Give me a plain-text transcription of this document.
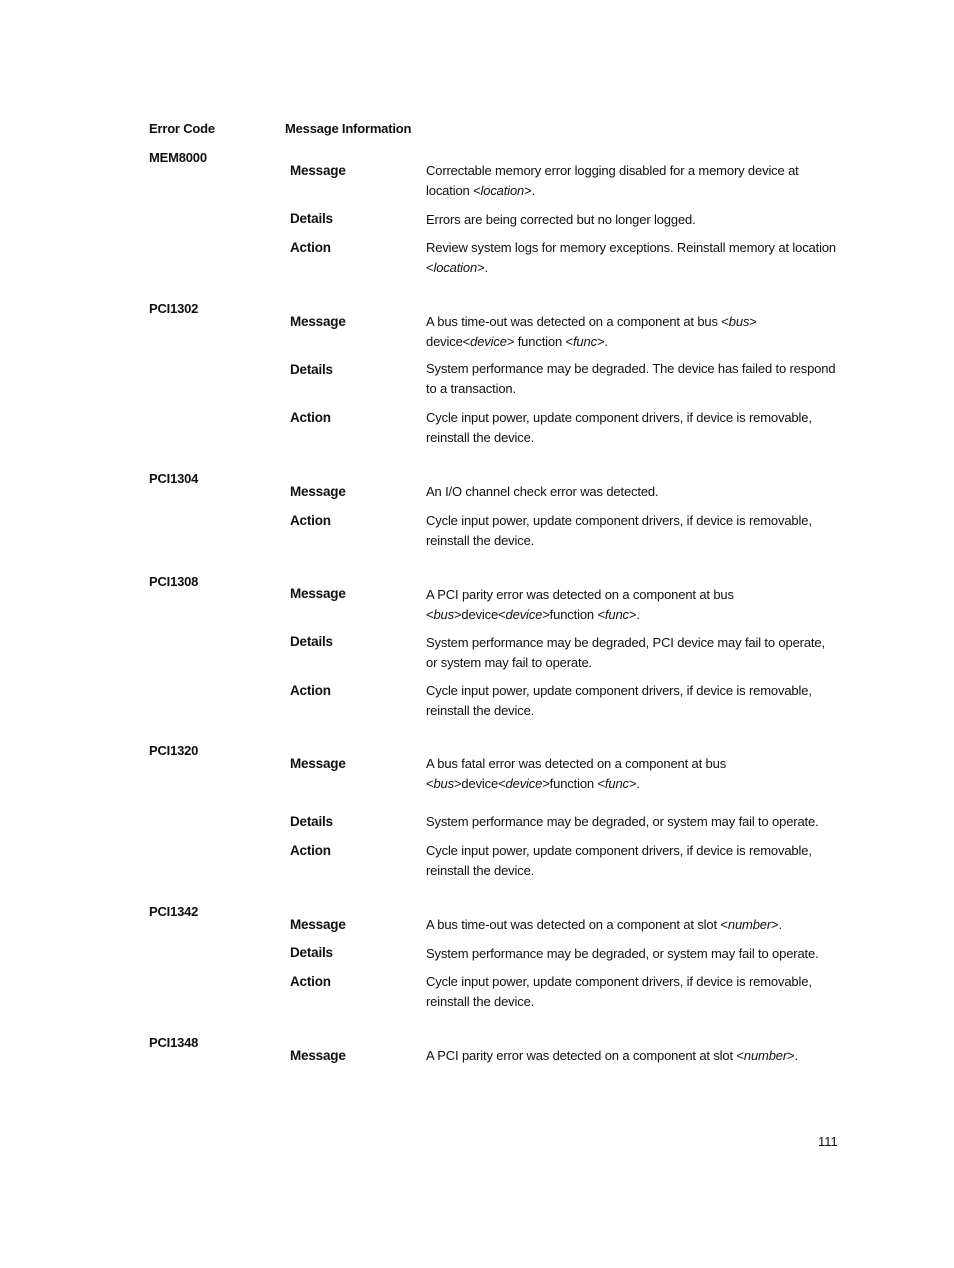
Error Code	Message Information
MEM8000
Message	Correctable memory error logging disabled for a memory device at location <location>.
Details	Errors are being corrected but no longer logged.
Action	Review system logs for memory exceptions. Reinstall memory at location <location>.
PCI1302
Message	A bus time-out was detected on a component at bus <bus> device<device> function <func>.
Details	System performance may be degraded. The device has failed to respond to a transaction.
Action	Cycle input power, update component drivers, if device is removable, reinstall the device.
PCI1304
Message	An I/O channel check error was detected.
Action	Cycle input power, update component drivers, if device is removable, reinstall the device.
PCI1308
Message	A PCI parity error was detected on a component at bus <bus>device<device>function <func>.
Details	System performance may be degraded, PCI device may fail to operate, or system may fail to operate.
Action	Cycle input power, update component drivers, if device is removable, reinstall the device.
PCI1320
Message	A bus fatal error was detected on a component at bus <bus>device<device>function <func>.
Details	System performance may be degraded, or system may fail to operate.
Action	Cycle input power, update component drivers, if device is removable, reinstall the device.
PCI1342
Message	A bus time-out was detected on a component at slot <number>.
Details	System performance may be degraded, or system may fail to operate.
Action	Cycle input power, update component drivers, if device is removable, reinstall the device.
PCI1348
Message	A PCI parity error was detected on a component at slot <number>.
111
